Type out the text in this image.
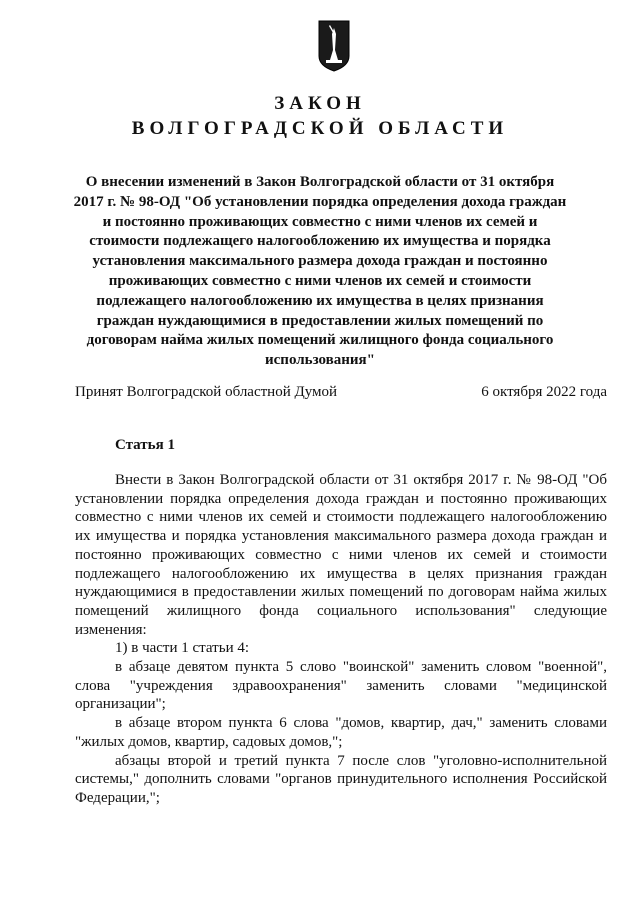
ЗАКОН
ВОЛГОГРАДСКОЙ ОБЛАСТИ
О внесении изменений в Закон Волгоградской области от 31 октября 2017 г. № 98-ОД "Об установлении порядка определения дохода граждан и постоянно проживающих совместно с ними членов их семей и стоимости подлежащего налогообложению их имущества и порядка установления максимального размера дохода граждан и постоянно проживающих совместно с ними членов их семей и стоимости подлежащего налогообложению их имущества в целях признания граждан нуждающимися в предоставлении жилых помещений по договорам найма жилых помещений жилищного фонда социального использования"
Принят Волгоградской областной Думой	6 октября 2022 года
Статья 1

Внести в Закон Волгоградской области от 31 октября 2017 г. № 98-ОД "Об установлении порядка определения дохода граждан и постоянно проживающих совместно с ними членов их семей и стоимости подлежащего налогообложению их имущества и порядка установления максимального размера дохода граждан и постоянно проживающих совместно с ними членов их семей и стоимости подлежащего налогообложению их имущества в целях признания граждан нуждающимися в предоставлении жилых помещений по договорам найма жилых помещений жилищного фонда социального использования" следующие изменения:

1) в части 1 статьи 4:

в абзаце девятом пункта 5 слово "воинской" заменить словом "военной", слова "учреждения здравоохранения" заменить словами "медицинской организации";

в абзаце втором пункта 6 слова "домов, квартир, дач," заменить словами "жилых домов, квартир, садовых домов,";

абзацы второй и третий пункта 7 после слов "уголовно-исполнительной системы," дополнить словами "органов принудительного исполнения Российской Федерации,";
